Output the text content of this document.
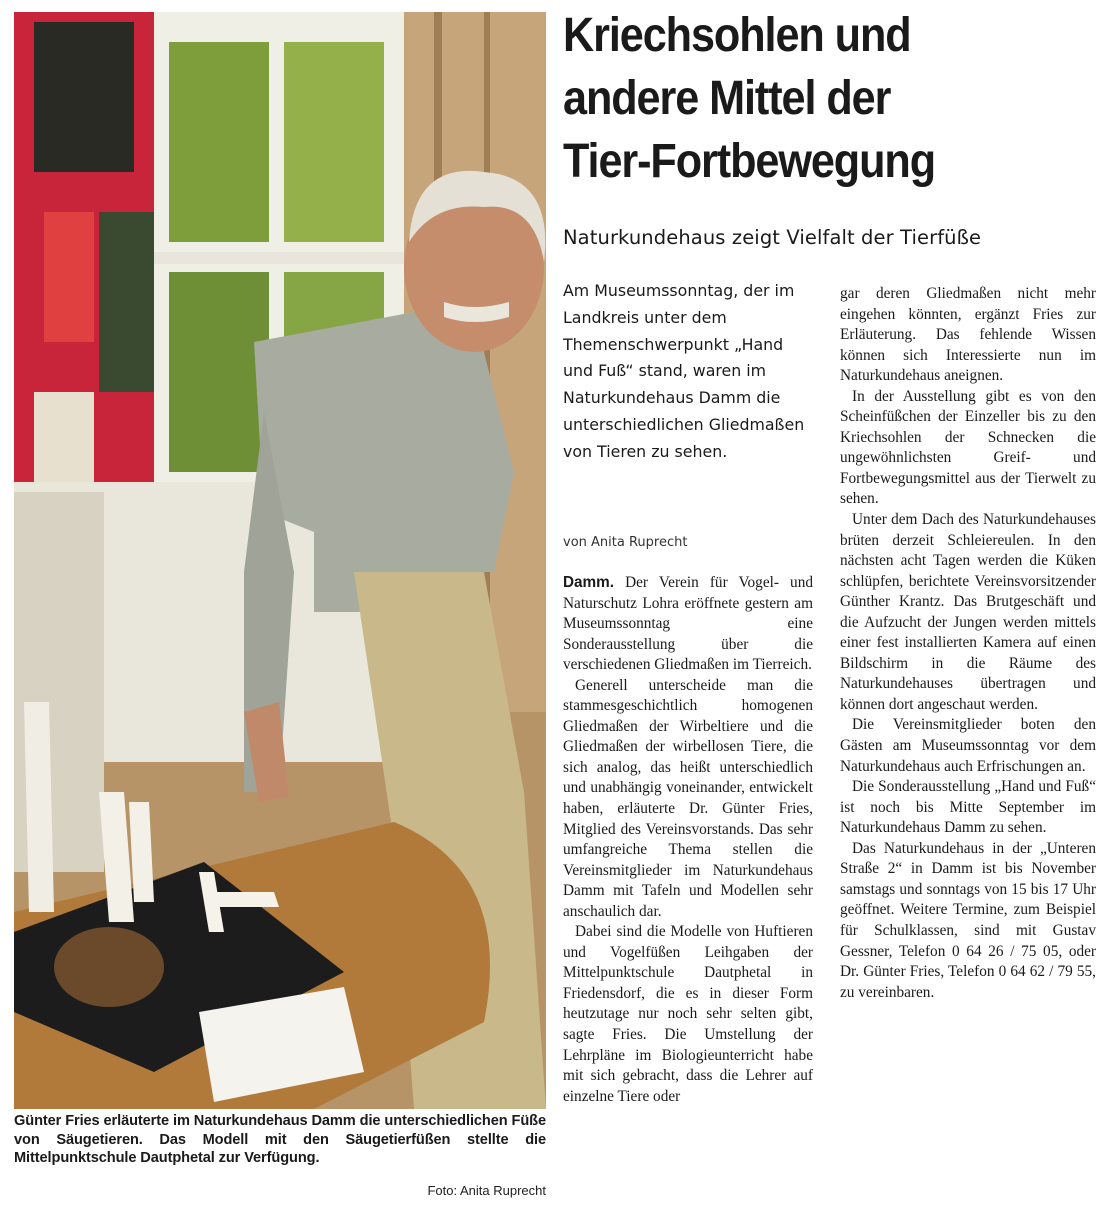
Günter Fries erläuterte im Naturkundehaus Damm die unterschiedlichen Füße von Säugetieren. Das Modell mit den Säugetierfüßen stellte die Mittelpunktschule Dautphetal zur Verfügung.
Foto: Anita Ruprecht
Kriechsohlen und
andere Mittel der
Tier-Fortbewegung
Naturkundehaus zeigt Vielfalt der Tierfüße

Am Museumssonntag, der im Landkreis unter dem Themenschwerpunkt „Hand und Fuß“ stand, waren im Naturkundehaus Damm die unterschiedlichen Gliedmaßen von Tieren zu sehen.

von Anita Ruprecht

Damm. Der Verein für Vogel- und Naturschutz Lohra eröffnete gestern am Museumssonntag eine Sonderausstellung über die verschiedenen Gliedmaßen im Tierreich.

Generell unterscheide man die stammesgeschichtlich homogenen Gliedmaßen der Wirbeltiere und die Gliedmaßen der wirbellosen Tiere, die sich analog, das heißt unterschiedlich und unabhängig voneinander, entwickelt haben, erläuterte Dr. Günter Fries, Mitglied des Vereinsvorstands. Das sehr umfangreiche Thema stellen die Vereinsmitglieder im Naturkundehaus Damm mit Tafeln und Modellen sehr anschaulich dar.

Dabei sind die Modelle von Huftieren und Vogelfüßen Leihgaben der Mittelpunktschule Dautphetal in Friedensdorf, die es in dieser Form heutzutage nur noch sehr selten gibt, sagte Fries. Die Umstellung der Lehrpläne im Biologieunterricht habe mit sich gebracht, dass die Lehrer auf einzelne Tiere oder

gar deren Gliedmaßen nicht mehr eingehen könnten, ergänzt Fries zur Erläuterung. Das fehlende Wissen können sich Interessierte nun im Naturkundehaus aneignen.

In der Ausstellung gibt es von den Scheinfüßchen der Einzeller bis zu den Kriechsohlen der Schnecken die ungewöhnlichsten Greif- und Fortbewegungsmittel aus der Tierwelt zu sehen.

Unter dem Dach des Naturkundehauses brüten derzeit Schleiereulen. In den nächsten acht Tagen werden die Küken schlüpfen, berichtete Vereinsvorsitzender Günther Krantz. Das Brutgeschäft und die Aufzucht der Jungen werden mittels einer fest installierten Kamera auf einen Bildschirm in die Räume des Naturkundehauses übertragen und können dort angeschaut werden.

Die Vereinsmitglieder boten den Gästen am Museumssonntag vor dem Naturkundehaus auch Erfrischungen an.

Die Sonderausstellung „Hand und Fuß“ ist noch bis Mitte September im Naturkundehaus Damm zu sehen.

Das Naturkundehaus in der „Unteren Straße 2“ in Damm ist bis November samstags und sonntags von 15 bis 17 Uhr geöffnet. Weitere Termine, zum Beispiel für Schulklassen, sind mit Gustav Gessner, Telefon 0 64 26 / 75 05, oder Dr. Günter Fries, Telefon 0 64 62 / 79 55, zu vereinbaren.
